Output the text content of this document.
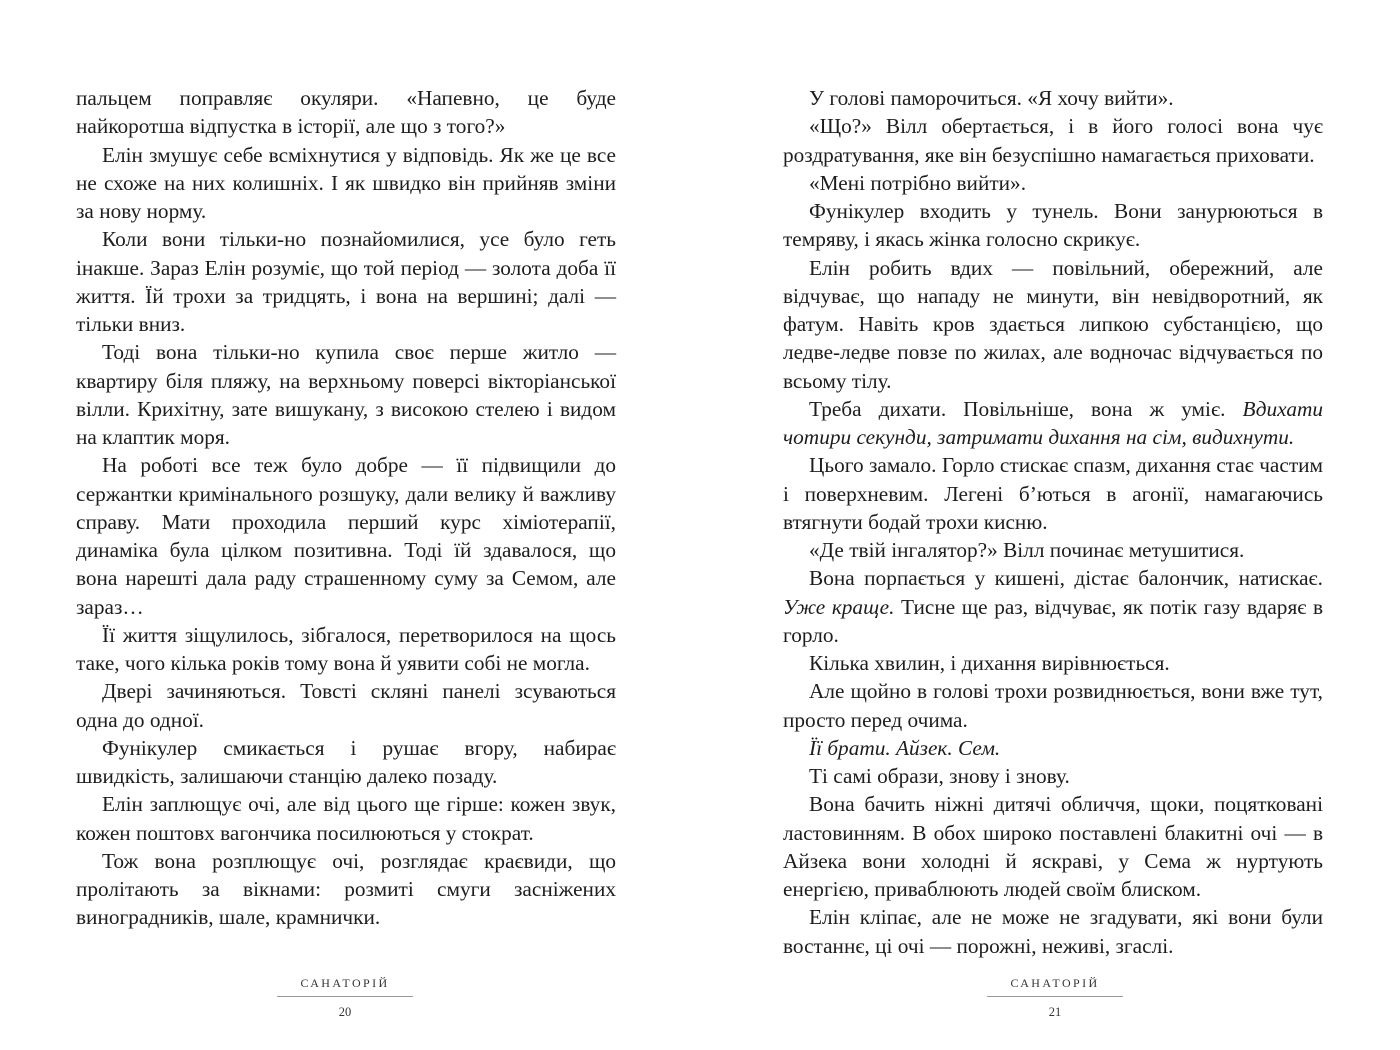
пальцем поправляє окуляри. «Напевно, це буде найкоротша відпустка в історії, але що з того?»

Елін змушує себе всміхнутися у відповідь. Як же це все не схоже на них колишніх. І як швидко він прийняв зміни за нову норму.

Коли вони тільки-но познайомилися, усе було геть інакше. Зараз Елін розуміє, що той період — золота доба її життя. Їй трохи за тридцять, і вона на вершині; далі — тільки вниз.

Тоді вона тільки-но купила своє перше житло — квартиру біля пляжу, на верхньому поверсі вікторіанської вілли. Крихітну, зате вишукану, з високою стелею і видом на клаптик моря.

На роботі все теж було добре — її підвищили до сержантки кримінального розшуку, дали велику й важливу справу. Мати проходила перший курс хіміотерапії, динаміка була цілком позитивна. Тоді їй здавалося, що вона нарешті дала раду страшенному суму за Семом, але зараз…

Її життя зіщулилось, зібгалося, перетворилося на щось таке, чого кілька років тому вона й уявити собі не могла.

Двері зачиняються. Товсті скляні панелі зсуваються одна до одної.

Фунікулер смикається і рушає вгору, набирає швидкість, залишаючи станцію далеко позаду.

Елін заплющує очі, але від цього ще гірше: кожен звук, кожен поштовх вагончика посилюються у стократ.

Тож вона розплющує очі, розглядає краєвиди, що пролітають за вікнами: розмиті смуги засніжених виноградників, шале, крамнички.

САНАТОРІЙ
20

У голові паморочиться. «Я хочу вийти».

«Що?» Вілл обертається, і в його голосі вона чує роздратування, яке він безуспішно намагається приховати.

«Мені потрібно вийти».

Фунікулер входить у тунель. Вони занурюються в темряву, і якась жінка голосно скрикує.

Елін робить вдих — повільний, обережний, але відчуває, що нападу не минути, він невідворотний, як фатум. Навіть кров здається липкою субстанцією, що ледве-ледве повзе по жилах, але водночас відчувається по всьому тілу.

Треба дихати. Повільніше, вона ж уміє. Вдихати чотири секунди, затримати дихання на сім, видихнути.

Цього замало. Горло стискає спазм, дихання стає частим і поверхневим. Легені б’ються в агонії, намагаючись втягнути бодай трохи кисню.

«Де твій інгалятор?» Вілл починає метушитися.

Вона порпається у кишені, дістає балончик, натискає. Уже краще. Тисне ще раз, відчуває, як потік газу вдаряє в горло.

Кілька хвилин, і дихання вирівнюється.

Але щойно в голові трохи розвиднюється, вони вже тут, просто перед очима.

Її брати. Айзек. Сем.

Ті самі образи, знову і знову.

Вона бачить ніжні дитячі обличчя, щоки, поцятковані ластовинням. В обох широко поставлені блакитні очі — в Айзека вони холодні й яскраві, у Сема ж нуртують енергією, приваблюють людей своїм блиском.

Елін кліпає, але не може не згадувати, які вони були востаннє, ці очі — порожні, неживі, згаслі.

САНАТОРІЙ
21
